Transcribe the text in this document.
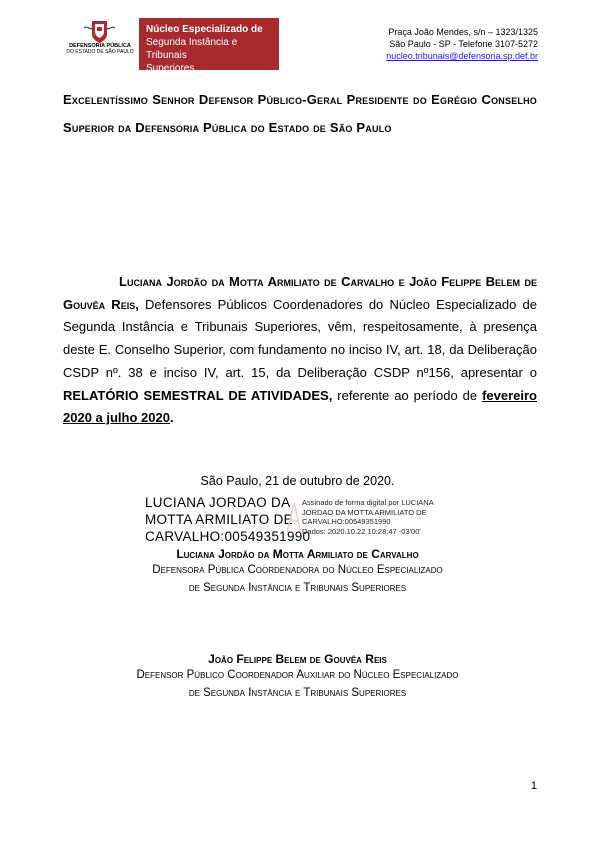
DEFENSORIA PÚBLICA
DO ESTADO DE SÃO PAULO
Núcleo Especializado de
Segunda Instância e Tribunais
Superiores
Praça João Mendes, s/n – 1323/1325
São Paulo - SP - Telefone 3107-5272
nucleo.tribunais@defensoria.sp.def.br
Excelentíssimo Senhor Defensor Público-Geral Presidente do Egrégio Conselho Superior da Defensoria Pública do Estado de São Paulo
Luciana Jordão da Motta Armiliato de Carvalho e João Felippe Belem de Gouvêa Reis, Defensores Públicos Coordenadores do Núcleo Especializado de Segunda Instância e Tribunais Superiores, vêm, respeitosamente, à presença deste E. Conselho Superior, com fundamento no inciso IV, art. 18, da Deliberação CSDP nº. 38 e inciso IV, art. 15, da Deliberação CSDP nº156, apresentar o RELATÓRIO SEMESTRAL DE ATIVIDADES, referente ao período de fevereiro 2020 a julho 2020.
São Paulo, 21 de outubro de 2020.
LUCIANA JORDAO DA
MOTTA ARMILIATO DE
CARVALHO:00549351990
Assinado de forma digital por LUCIANA
JORDAO DA MOTTA ARMILIATO DE
CARVALHO:00549351990
Dados: 2020.10.22 10:28:47 -03'00'
Luciana Jordão da Motta Armiliato de Carvalho
Defensora Pública Coordenadora do Núcleo Especializado
de Segunda Instância e Tribunais Superiores
João Felippe Belem de Gouvêa Reis
Defensor Público Coordenador Auxiliar do Núcleo Especializado
de Segunda Instância e Tribunais Superiores
1
